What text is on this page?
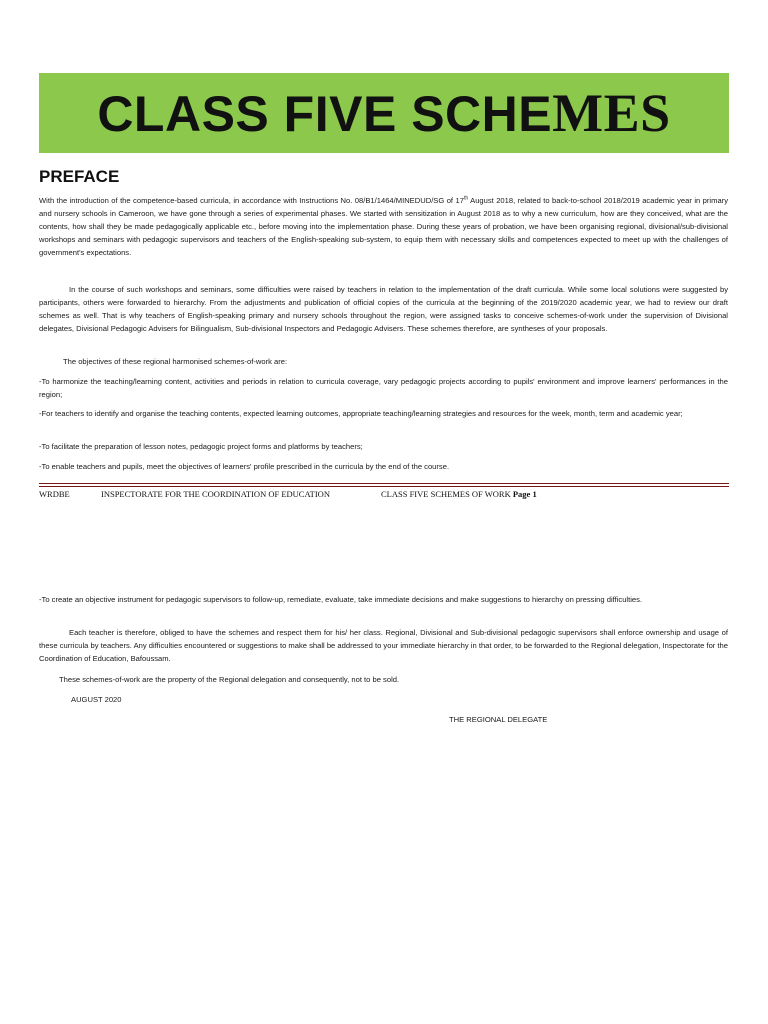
CLASS FIVE SCHEMES
PREFACE

With the introduction of the competence-based curricula, in accordance with Instructions No. 08/B1/1464/MINEDUD/SG of 17th August 2018, related to back-to-school 2018/2019 academic year in primary and nursery schools in Cameroon, we have gone through a series of experimental phases. We started with sensitization in August 2018 as to why a new curriculum, how are they conceived, what are the contents, how shall they be made pedagogically applicable etc., before moving into the implementation phase. During these years of probation, we have been organising regional, divisional/sub-divisional workshops and seminars with pedagogic supervisors and teachers of the English-speaking sub-system, to equip them with necessary skills and competences expected to meet up with the challenges of government's expectations.

In the course of such workshops and seminars, some difficulties were raised by teachers in relation to the implementation of the draft curricula. While some local solutions were suggested by participants, others were forwarded to hierarchy. From the adjustments and publication of official copies of the curricula at the beginning of the 2019/2020 academic year, we had to review our draft schemes as well. That is why teachers of English-speaking primary and nursery schools throughout the region, were assigned tasks to conceive schemes-of-work under the supervision of Divisional delegates, Divisional Pedagogic Advisers for Bilingualism, Sub-divisional Inspectors and Pedagogic Advisers. These schemes therefore, are syntheses of your proposals.

The objectives of these regional harmonised schemes-of-work are:

-To harmonize the teaching/learning content, activities and periods in relation to curricula coverage, vary pedagogic projects according to pupils' environment and improve learners' performances in the region;

-For teachers to identify and organise the teaching contents, expected learning outcomes, appropriate teaching/learning strategies and resources for the week, month, term and academic year;

-To facilitate the preparation of lesson notes, pedagogic project forms and platforms by teachers;

-To enable teachers and pupils, meet the objectives of learners' profile prescribed in the curricula by the end of the course.

WRDBE	INSPECTORATE FOR THE COORDINATION OF EDUCATION	CLASS FIVE SCHEMES OF WORK Page 1

-To create an objective instrument for pedagogic supervisors to follow-up, remediate, evaluate, take immediate decisions and make suggestions to hierarchy on pressing difficulties.

Each teacher is therefore, obliged to have the schemes and respect them for his/ her class. Regional, Divisional and Sub-divisional pedagogic supervisors shall enforce ownership and usage of these curricula by teachers. Any difficulties encountered or suggestions to make shall be addressed to your immediate hierarchy in that order, to be forwarded to the Regional delegation, Inspectorate for the Coordination of Education, Bafoussam.

These schemes-of-work are the property of the Regional delegation and consequently, not to be sold.
AUGUST 2020
THE REGIONAL DELEGATE
